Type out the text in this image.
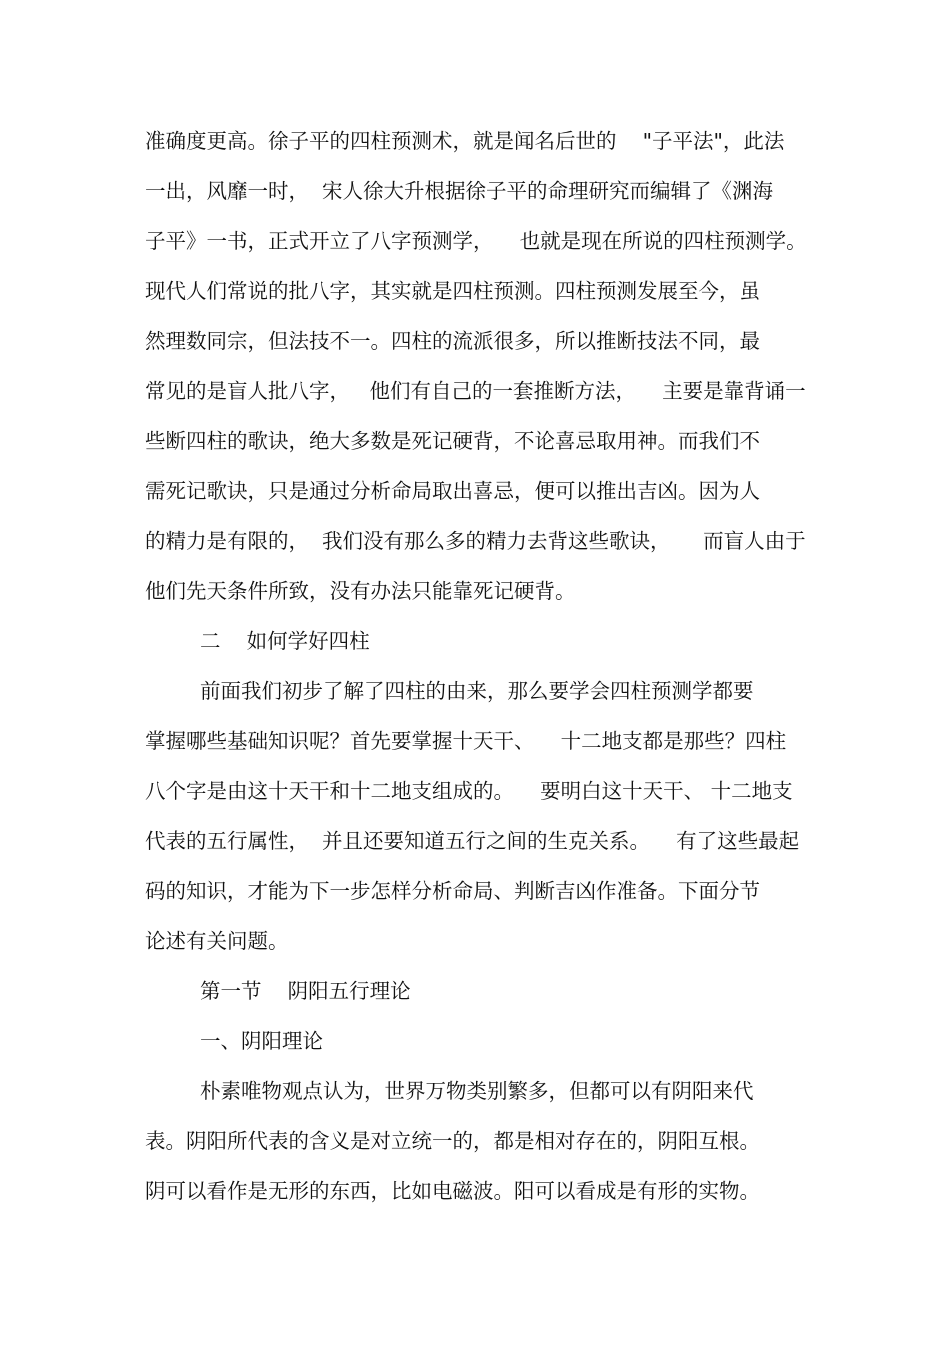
准确度更高。徐子平的四柱预测术，就是闻名后世的    "子平法"，此法
一出，风靡一时，  宋人徐大升根据徐子平的命理研究而编辑了《渊海
子平》一书，正式开立了八字预测学，    也就是现在所说的四柱预测学。
现代人们常说的批八字，其实就是四柱预测。四柱预测发展至今，虽
然理数同宗，但法技不一。四柱的流派很多，所以推断技法不同，最
常见的是盲人批八字，   他们有自己的一套推断方法，    主要是靠背诵一
些断四柱的歌诀，绝大多数是死记硬背，不论喜忌取用神。而我们不
需死记歌诀，只是通过分析命局取出喜忌，便可以推出吉凶。因为人
的精力是有限的，  我们没有那么多的精力去背这些歌诀，     而盲人由于
他们先天条件所致，没有办法只能靠死记硬背。
二    如何学好四柱
前面我们初步了解了四柱的由来，那么要学会四柱预测学都要
掌握哪些基础知识呢？首先要掌握十天干、    十二地支都是那些？四柱
八个字是由这十天干和十二地支组成的。    要明白这十天干、 十二地支
代表的五行属性，  并且还要知道五行之间的生克关系。    有了这些最起
码的知识，才能为下一步怎样分析命局、判断吉凶作准备。下面分节
论述有关问题。
第一节    阴阳五行理论
一、阴阳理论
朴素唯物观点认为，世界万物类别繁多，但都可以有阴阳来代
表。阴阳所代表的含义是对立统一的，都是相对存在的，阴阳互根。
阴可以看作是无形的东西，比如电磁波。阳可以看成是有形的实物。
